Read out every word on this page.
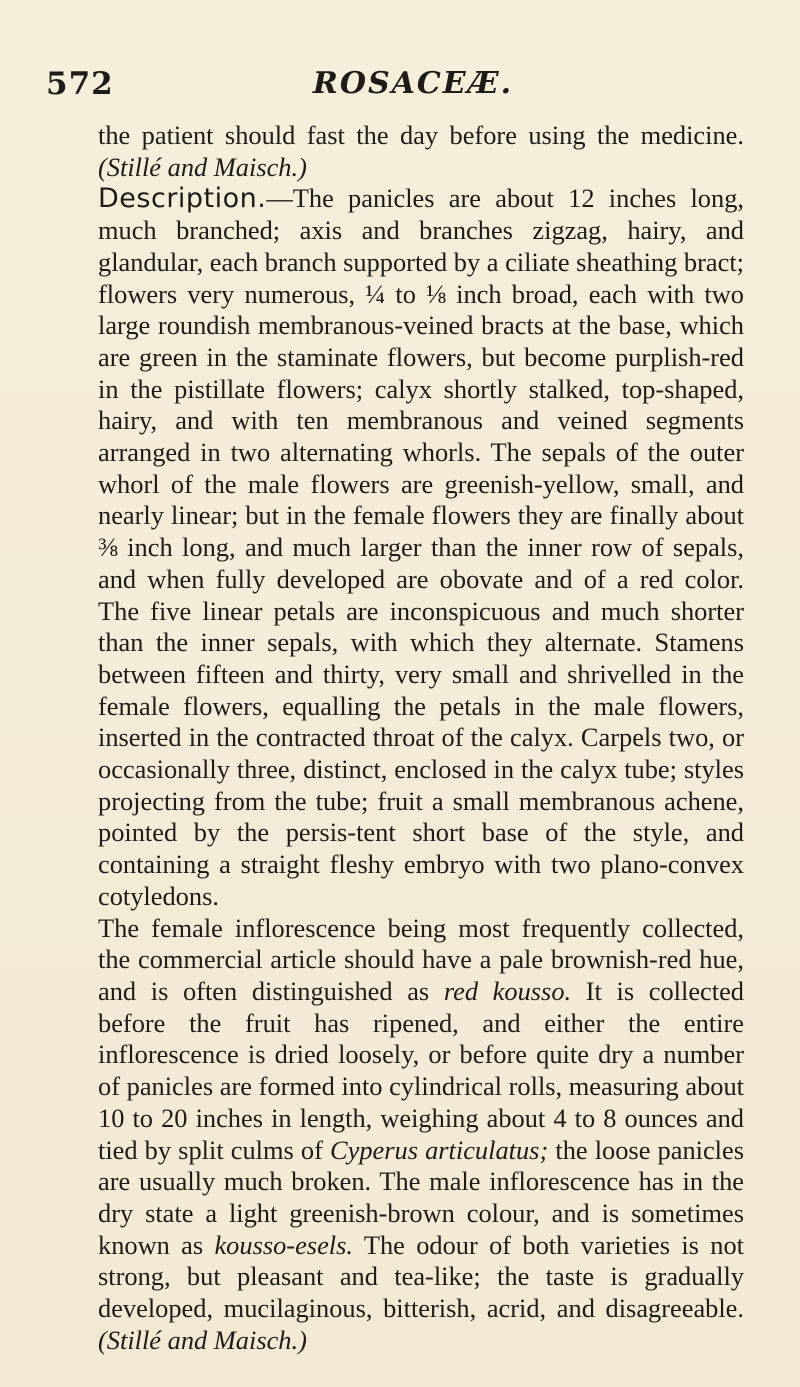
572	ROSACEÆ.

the patient should fast the day before using the medicine. (Stillé and Maisch.)

Description.—The panicles are about 12 inches long, much branched; axis and branches zigzag, hairy, and glandular, each branch supported by a ciliate sheathing bract; flowers very numerous, ¼ to ⅛ inch broad, each with two large roundish membranous-veined bracts at the base, which are green in the staminate flowers, but become purplish-red in the pistillate flowers; calyx shortly stalked, top-shaped, hairy, and with ten membranous and veined segments arranged in two alternating whorls. The sepals of the outer whorl of the male flowers are greenish-yellow, small, and nearly linear; but in the female flowers they are finally about ⅜ inch long, and much larger than the inner row of sepals, and when fully developed are obovate and of a red color. The five linear petals are inconspicuous and much shorter than the inner sepals, with which they alternate. Stamens between fifteen and thirty, very small and shrivelled in the female flowers, equalling the petals in the male flowers, inserted in the contracted throat of the calyx. Carpels two, or occasionally three, distinct, enclosed in the calyx tube; styles projecting from the tube; fruit a small membranous achene, pointed by the persis-tent short base of the style, and containing a straight fleshy embryo with two plano-convex cotyledons.

The female inflorescence being most frequently collected, the commercial article should have a pale brownish-red hue, and is often distinguished as red kousso. It is collected before the fruit has ripened, and either the entire inflorescence is dried loosely, or before quite dry a number of panicles are formed into cylindrical rolls, measuring about 10 to 20 inches in length, weighing about 4 to 8 ounces and tied by split culms of Cyperus articulatus; the loose panicles are usually much broken. The male inflorescence has in the dry state a light greenish-brown colour, and is sometimes known as kousso-esels. The odour of both varieties is not strong, but pleasant and tea-like; the taste is gradually developed, mucilaginous, bitterish, acrid, and disagreeable. (Stillé and Maisch.)
